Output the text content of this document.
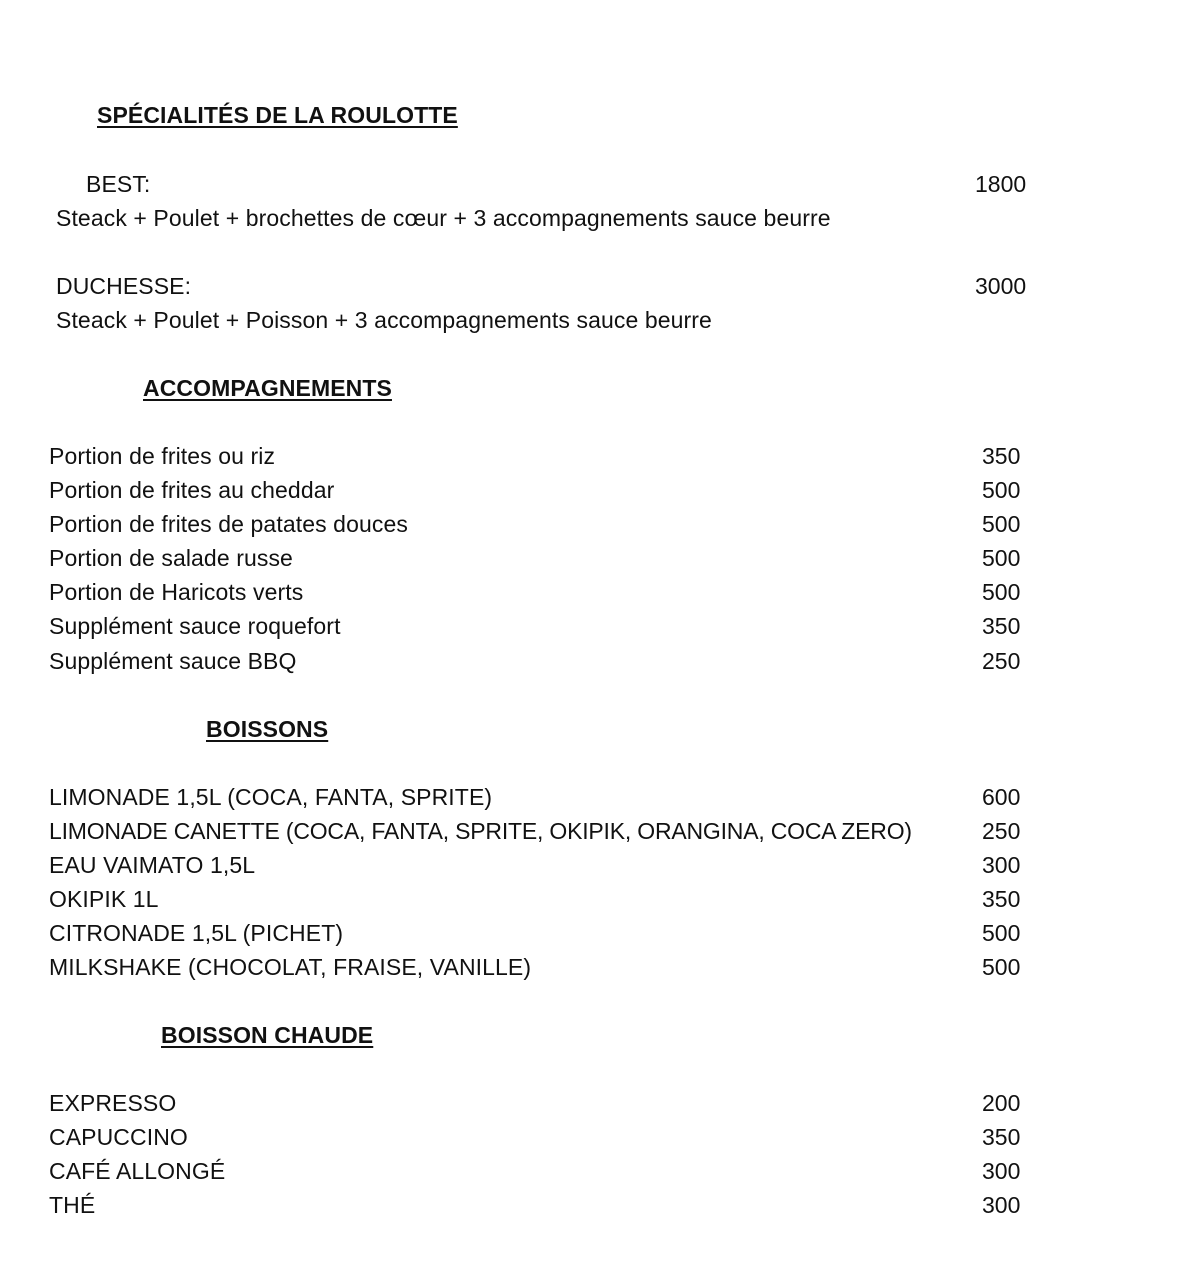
SPÉCIALITÉS DE LA ROULOTTE
BEST:	1800
Steack + Poulet + brochettes de cœur + 3 accompagnements sauce beurre
DUCHESSE:	3000
Steack + Poulet + Poisson + 3 accompagnements sauce beurre
ACCOMPAGNEMENTS
Portion de frites ou riz	350
Portion de frites au cheddar	500
Portion de frites de patates douces	500
Portion de salade russe	500
Portion de Haricots verts	500
Supplément sauce roquefort	350
Supplément sauce BBQ	250
BOISSONS
LIMONADE 1,5L (COCA, FANTA, SPRITE)	600
LIMONADE CANETTE (COCA, FANTA, SPRITE, OKIPIK, ORANGINA, COCA ZERO)	250
EAU VAIMATO 1,5L	300
OKIPIK 1L	350
CITRONADE 1,5L (PICHET)	500
MILKSHAKE (CHOCOLAT, FRAISE, VANILLE)	500
BOISSON CHAUDE
EXPRESSO	200
CAPUCCINO	350
CAFÉ ALLONGÉ	300
THÉ	300
